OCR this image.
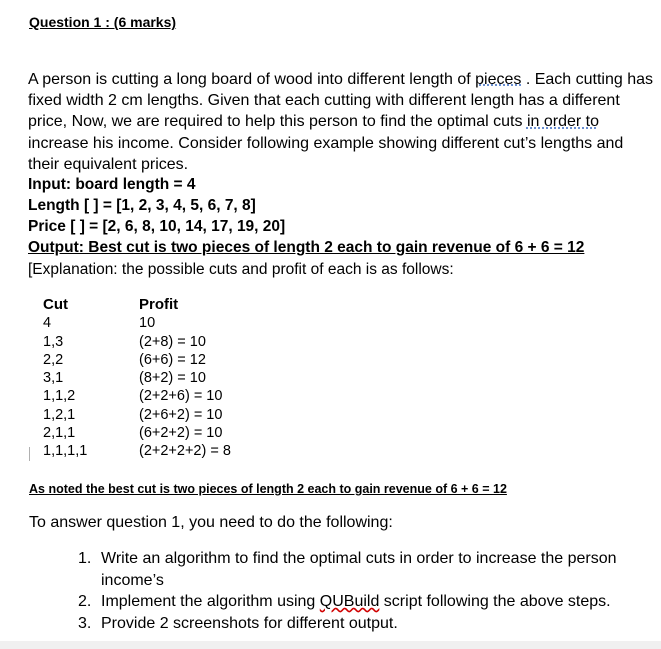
Question 1 : (6 marks)

A person is cutting a long board of wood into different length of pieces . Each cutting has fixed width 2 cm lengths. Given that each cutting with different length has a different price, Now, we are required to help this person to find the optimal cuts in order to increase his income. Consider following example showing different cut’s lengths and their equivalent prices.

Input: board length = 4
Length [ ] = [1, 2, 3, 4, 5, 6, 7, 8]
Price [ ] = [2, 6, 8, 10, 14, 17, 19, 20]
Output: Best cut is two pieces of length 2 each to gain revenue of 6 + 6 = 12
[Explanation: the possible cuts and profit of each is as follows:
Cut	Profit
4	10
1,3	(2+8) = 10
2,2	(6+6) = 12
3,1	(8+2) = 10
1,1,2	(2+2+6) = 10
1,2,1	(2+6+2) = 10
2,1,1	(6+2+2) = 10
1,1,1,1	(2+2+2+2) = 8
As noted the best cut is two pieces of length 2 each to gain revenue of 6 + 6 = 12
To answer question 1, you need to do the following:
1. Write an algorithm to find the optimal cuts in order to increase the person income’s
2. Implement the algorithm using QUBuild script following the above steps.
3. Provide 2 screenshots for different output.
